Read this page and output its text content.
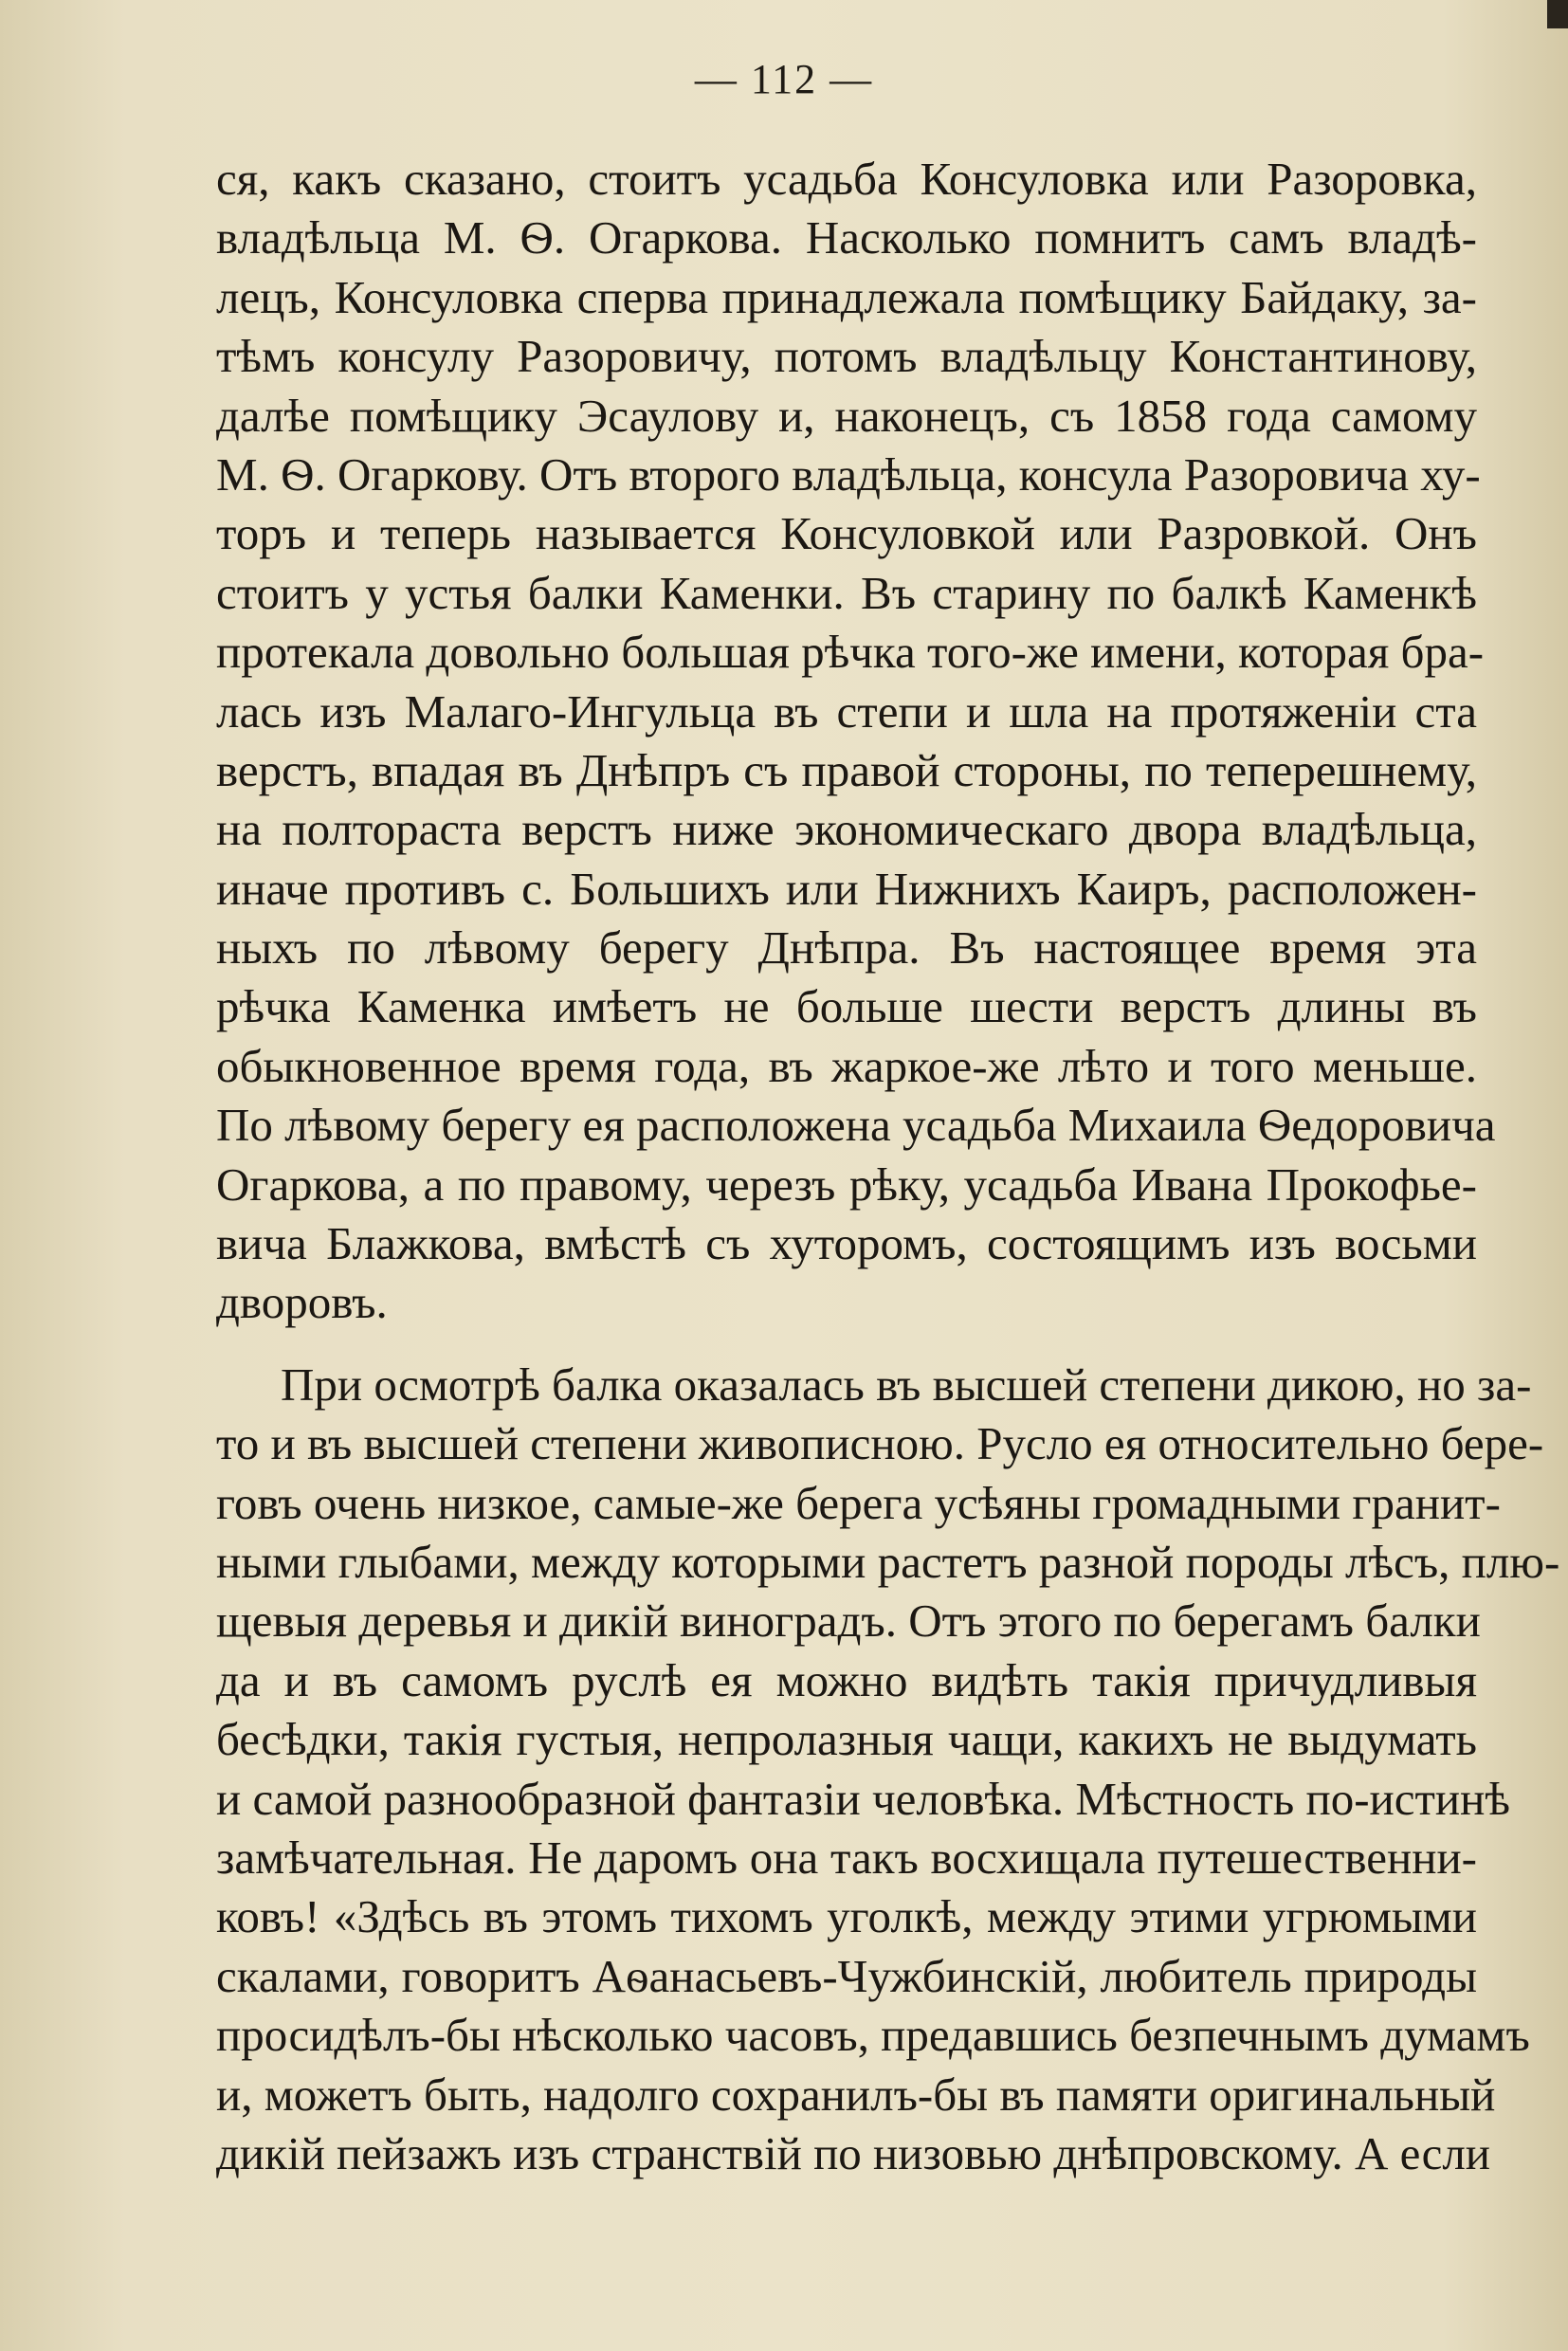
— 112 —
ся, какъ сказано, стоитъ усадьба Консуловка или Разоровка,
владѣльца М. Ѳ. Огаркова. Насколько помнитъ самъ владѣ-
лецъ, Консуловка сперва принадлежала помѣщику Байдаку, за-
тѣмъ консулу Разоровичу, потомъ владѣльцу Константинову,
далѣе помѣщику Эсаулову и, наконецъ, съ 1858 года самому
М. Ѳ. Огаркову. Отъ второго владѣльца, консула Разоровича ху-
торъ и теперь называется Консуловкой или Разровкой. Онъ
стоитъ у устья балки Каменки. Въ старину по балкѣ Каменкѣ
протекала довольно большая рѣчка того-же имени, которая бра-
лась изъ Малаго-Ингульца въ степи и шла на протяженіи ста
верстъ, впадая въ Днѣпръ съ правой стороны, по теперешнему,
на полтораста верстъ ниже экономическаго двора владѣльца,
иначе противъ с. Большихъ или Нижнихъ Каиръ, расположен-
ныхъ по лѣвому берегу Днѣпра. Въ настоящее время эта
рѣчка Каменка имѣетъ не больше шести верстъ длины въ
обыкновенное время года, въ жаркое-же лѣто и того меньше.
По лѣвому берегу ея расположена усадьба Михаила Ѳедоровича
Огаркова, а по правому, черезъ рѣку, усадьба Ивана Прокофье-
вича Блажкова, вмѣстѣ съ хуторомъ, состоящимъ изъ восьми
дворовъ.
При осмотрѣ балка оказалась въ высшей степени дикою, но за-
то и въ высшей степени живописною. Русло ея относительно бере-
говъ очень низкое, самые-же берега усѣяны громадными гранит-
ными глыбами, между которыми растетъ разной породы лѣсъ, плю-
щевыя деревья и дикій виноградъ. Отъ этого по берегамъ балки
да и въ самомъ руслѣ ея можно видѣть такія причудливыя
бесѣдки, такія густыя, непролазныя чащи, какихъ не выдумать
и самой разнообразной фантазіи человѣка. Мѣстность по-истинѣ
замѣчательная. Не даромъ она такъ восхищала путешественни-
ковъ! «Здѣсь въ этомъ тихомъ уголкѣ, между этими угрюмыми
скалами, говоритъ Аѳанасьевъ-Чужбинскій, любитель природы
просидѣлъ-бы нѣсколько часовъ, предавшись безпечнымъ думамъ
и, можетъ быть, надолго сохранилъ-бы въ памяти оригинальный
дикій пейзажъ изъ странствій по низовью днѣпровскому. А если
